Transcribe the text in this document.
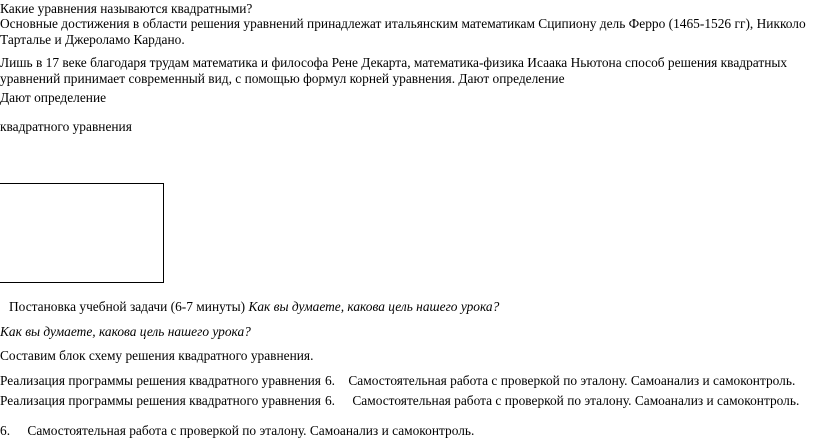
Какие уравнения называются квадратными?
Основные достижения в области решения уравнений принадлежат итальянским математикам Сципиону дель Ферро (1465-1526 гг), Никколо
Тарталье и Джероламо Кардано.
Лишь в 17 веке благодаря трудам математика и философа Рене Декарта, математика-физика Исаака Ньютона способ решения квадратных
уравнений принимает современный вид, с помощью формул корней уравнения. Дают определение
Дают определение
квадратного уравнения
Постановка учебной задачи (6-7 минуты) Как вы думаете, какова цель нашего урока?
Как вы думаете, какова цель нашего урока?
Составим блок схему решения квадратного уравнения.
Реализация программы решения квадратного уравнения 6. Самостоятельная работа с проверкой по эталону. Самоанализ и самоконтроль.
Реализация программы решения квадратного уравнения 6. Самостоятельная работа с проверкой по эталону. Самоанализ и самоконтроль.
6. Самостоятельная работа с проверкой по эталону. Самоанализ и самоконтроль.
